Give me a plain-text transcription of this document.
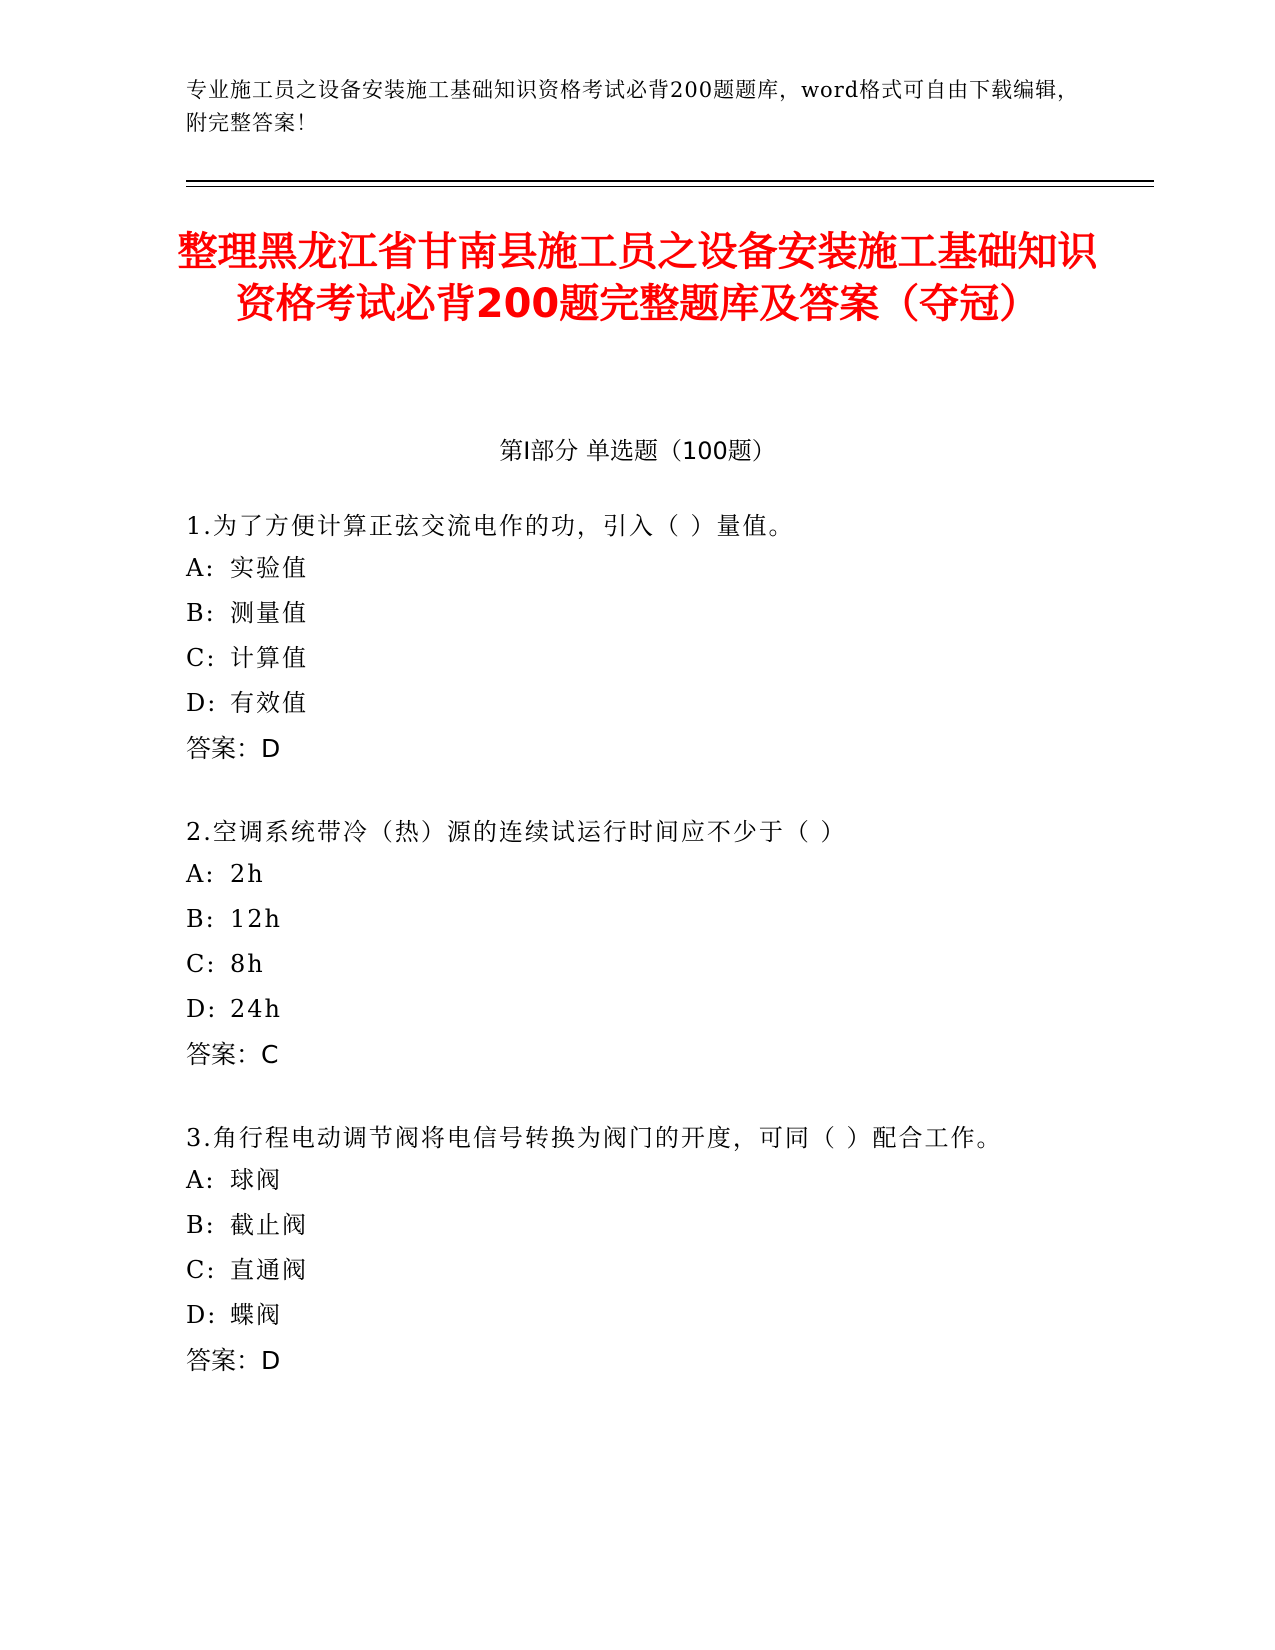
专业施工员之设备安装施工基础知识资格考试必背200题题库，word格式可自由下载编辑，附完整答案！
整理黑龙江省甘南县施工员之设备安装施工基础知识资格考试必背200题完整题库及答案（夺冠）
第Ⅰ部分 单选题（100题）

1.为了方便计算正弦交流电作的功，引入（ ）量值。

A: 实验值

B: 测量值

C: 计算值

D: 有效值

答案：D

2.空调系统带冷（热）源的连续试运行时间应不少于（ ）

A: 2h

B: 12h

C: 8h

D: 24h

答案：C

3.角行程电动调节阀将电信号转换为阀门的开度，可同（ ）配合工作。

A: 球阀

B: 截止阀

C: 直通阀

D: 蝶阀

答案：D
